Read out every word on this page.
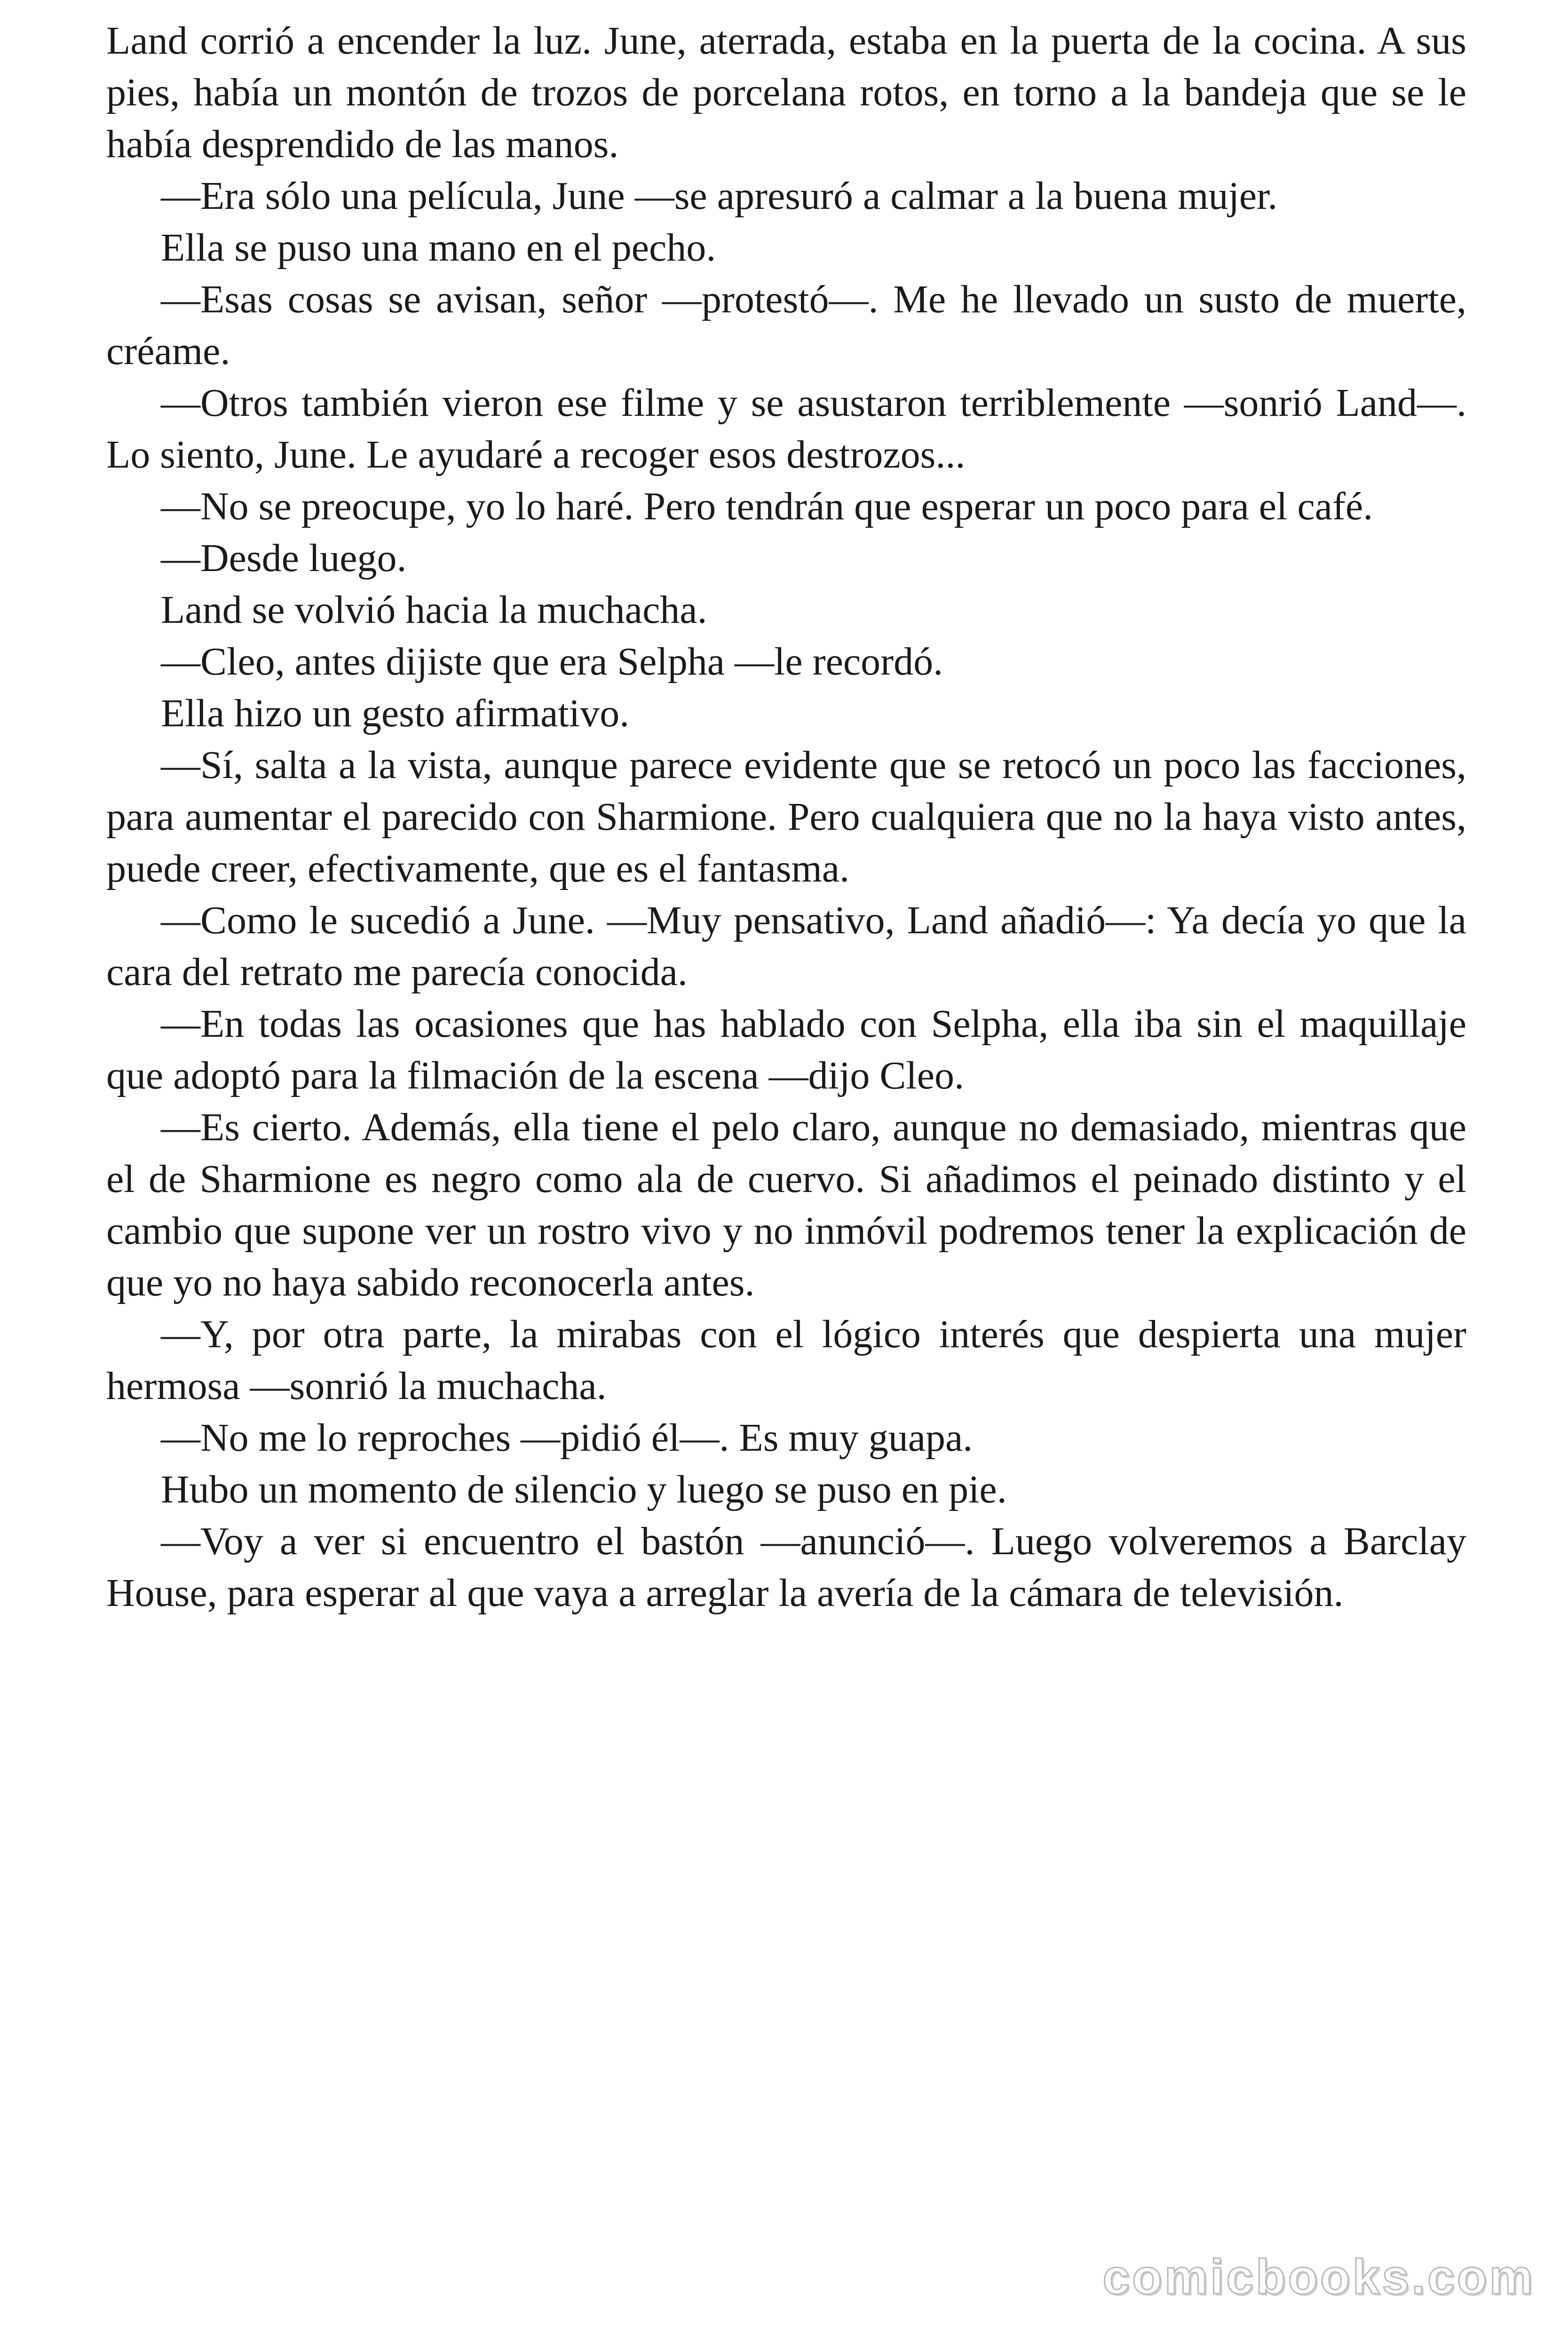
Land corrió a encender la luz. June, aterrada, estaba en la puerta de la cocina. A sus pies, había un montón de trozos de porcelana rotos, en torno a la bandeja que se le había desprendido de las manos.

—Era sólo una película, June —se apresuró a calmar a la buena mujer.

Ella se puso una mano en el pecho.

—Esas cosas se avisan, señor —protestó—. Me he llevado un susto de muerte, créame.

—Otros también vieron ese filme y se asustaron terriblemente —sonrió Land—. Lo siento, June. Le ayudaré a recoger esos destrozos...

—No se preocupe, yo lo haré. Pero tendrán que esperar un poco para el café.

—Desde luego.

Land se volvió hacia la muchacha.

—Cleo, antes dijiste que era Selpha —le recordó.

Ella hizo un gesto afirmativo.

—Sí, salta a la vista, aunque parece evidente que se retocó un poco las facciones, para aumentar el parecido con Sharmione. Pero cualquiera que no la haya visto antes, puede creer, efectivamente, que es el fantasma.

—Como le sucedió a June. —Muy pensativo, Land añadió—: Ya decía yo que la cara del retrato me parecía conocida.

—En todas las ocasiones que has hablado con Selpha, ella iba sin el maquillaje que adoptó para la filmación de la escena —dijo Cleo.

—Es cierto. Además, ella tiene el pelo claro, aunque no demasiado, mientras que el de Sharmione es negro como ala de cuervo. Si añadimos el peinado distinto y el cambio que supone ver un rostro vivo y no inmóvil podremos tener la explicación de que yo no haya sabido reconocerla antes.

—Y, por otra parte, la mirabas con el lógico interés que despierta una mujer hermosa —sonrió la muchacha.

—No me lo reproches —pidió él—. Es muy guapa.

Hubo un momento de silencio y luego se puso en pie.

—Voy a ver si encuentro el bastón —anunció—. Luego volveremos a Barclay House, para esperar al que vaya a arreglar la avería de la cámara de televisión.

comicbooks.com
